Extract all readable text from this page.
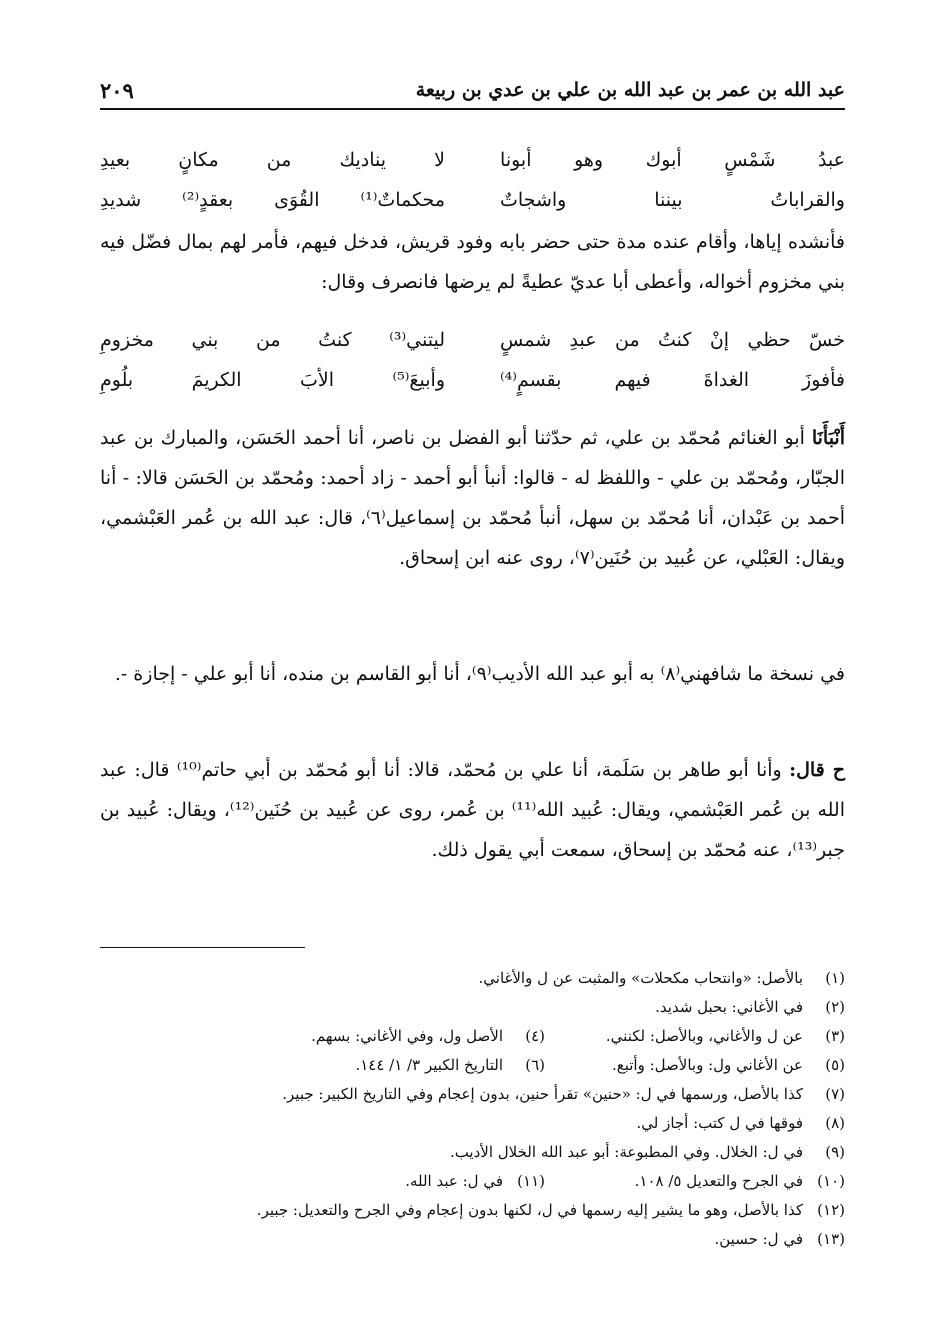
عبد الله بن عمر بن عبد الله بن علي بن عدي بن ربيعة
٢٠٩
عبدُ
شَمْسٍ
أبوك
وهو
أبونا
لا
يناديك
من
مكانٍ
بعيدِ
والقراباتُ
بيننا
واشجاتٌ
محكماتٌ⁽¹⁾
القُوَى
بعقدٍ⁽²⁾
شديدِ
فأنشده إياها، وأقام عنده مدة حتى حضر بابه وفود قريش، فدخل فيهم، فأمر لهم بمال فضّل فيه بني مخزوم أخواله، وأعطى أبا عديّ عطيةً لم يرضها فانصرف وقال:
خسّ
حظي
إنْ
كنتُ
من
عبدِ
شمسٍ
ليتني⁽³⁾
كنتُ
من
بني
مخزومِ
فأفوزَ
الغداةَ
فيهم
بقسمٍ⁽⁴⁾
وأبيعَ⁽⁵⁾
الأبَ
الكريمَ
بلُومِ
أَنْبَأَنَا أبو الغنائم مُحمّد بن علي، ثم حدّثنا أبو الفضل بن ناصر، أنا أحمد الحَسَن، والمبارك بن عبد الجبّار، ومُحمّد بن علي - واللفظ له - قالوا: أنبأ أبو أحمد - زاد أحمد: ومُحمّد بن الحَسَن قالا: - أنا أحمد بن عَبْدان، أنا مُحمّد بن سهل، أنبأ مُحمّد بن إسماعيل⁽٦⁾، قال: عبد الله بن عُمر العَبْشمي، ويقال: العَبْلي، عن عُبيد بن حُنَين⁽٧⁾، روى عنه ابن إسحاق.
في نسخة ما شافهني⁽٨⁾ به أبو عبد الله الأديب⁽٩⁾، أنا أبو القاسم بن منده، أنا أبو علي - إجازة -.
ح قال: وأنا أبو طاهر بن سَلَمة، أنا علي بن مُحمّد، قالا: أنا أبو مُحمّد بن أبي حاتم⁽¹⁰⁾ قال: عبد الله بن عُمر العَبْشمي، ويقال: عُبيد الله⁽¹¹⁾ بن عُمر، روى عن عُبيد بن حُنَين⁽¹²⁾، ويقال: عُبيد بن جبر⁽¹³⁾، عنه مُحمّد بن إسحاق، سمعت أبي يقول ذلك.
(١)
بالأصل: «وانتحاب مكحلات» والمثبت عن ل والأغاني.
(٢)
في الأغاني: بحبل شديد.
(٣)
عن ل والأغاني، وبالأصل: لكنني.
(٤)
الأصل ول، وفي الأغاني: بسهم.
(٥)
عن الأغاني ول: وبالأصل: وأتبع.
(٦)
التاريخ الكبير ٣/ ١/ ١٤٤.
(٧)
كذا بالأصل، ورسمها في ل: «حنين» تقرأ حنين، بدون إعجام وفي التاريخ الكبير: جبير.
(٨)
فوقها في ل كتب: أجاز لي.
(٩)
في ل: الخلال. وفي المطبوعة: أبو عبد الله الخلال الأديب.
(١٠)
في الجرح والتعديل ٥/ ١٠٨.
(١١)
في ل: عبد الله.
(١٢)
كذا بالأصل، وهو ما يشير إليه رسمها في ل، لكنها بدون إعجام وفي الجرح والتعديل: جبير.
(١٣)
في ل: حسين.
